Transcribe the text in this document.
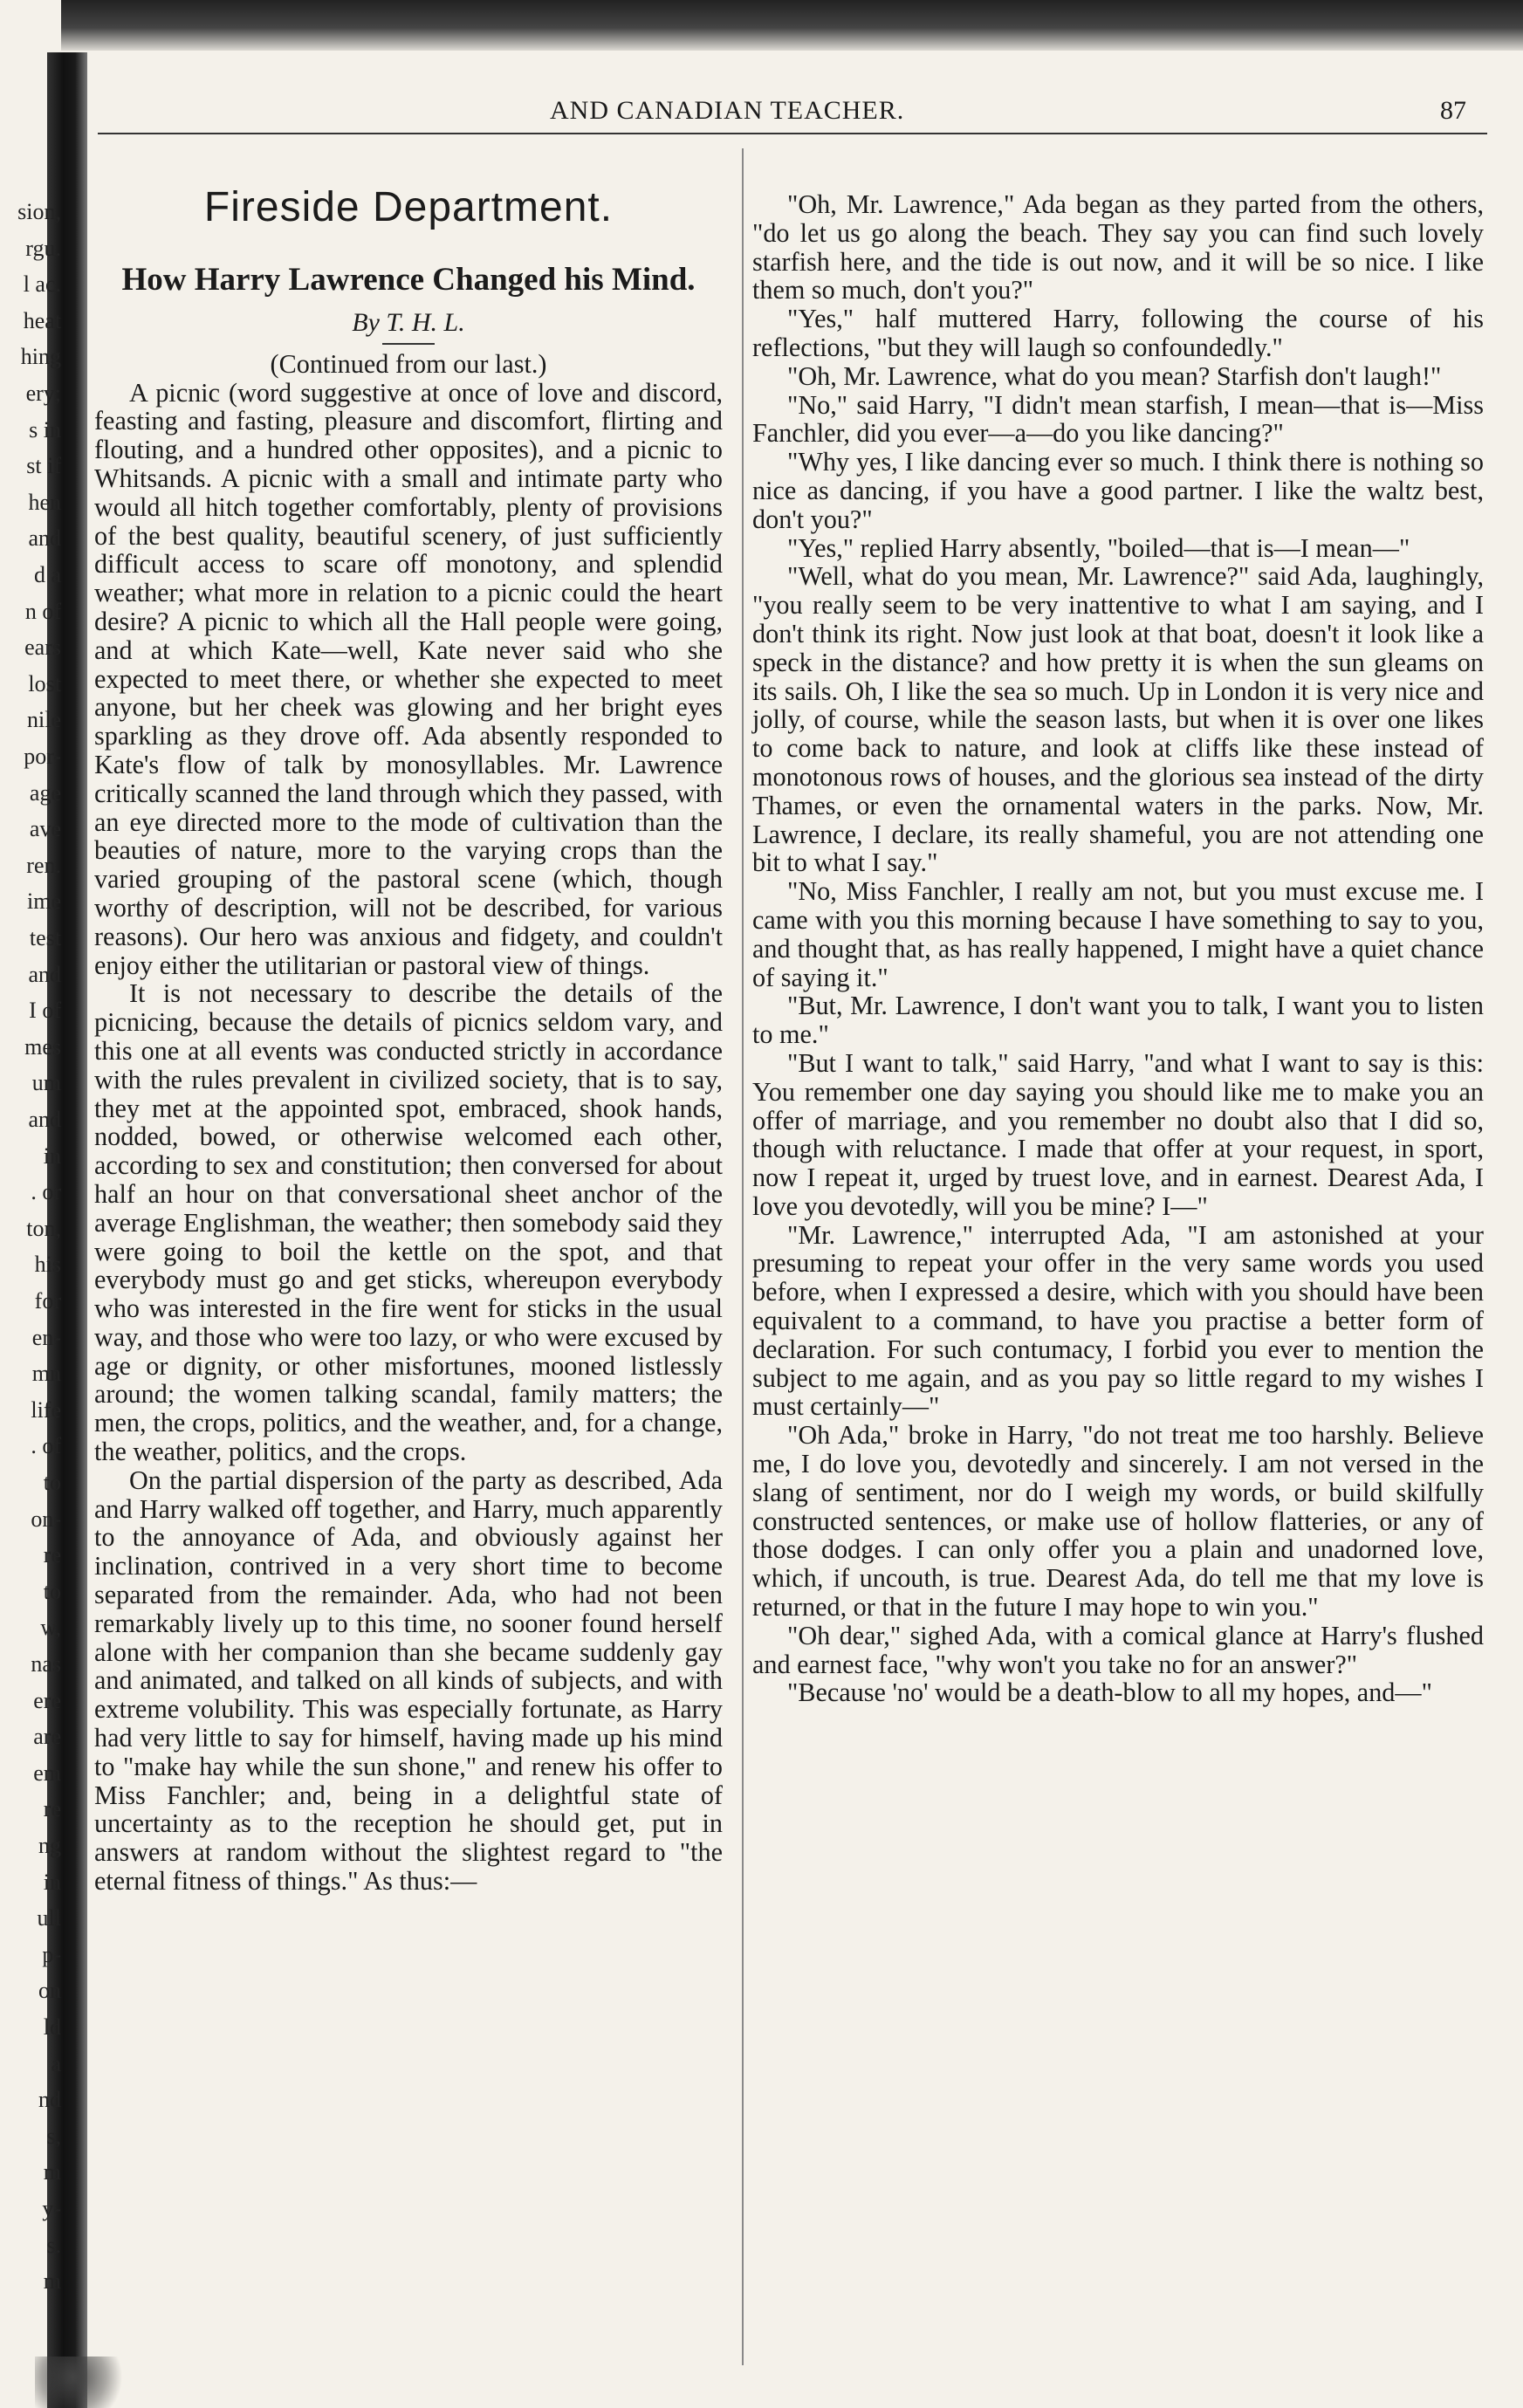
sion,
rgu.
l ac.
heat
hing
ery;
s in
st if
hen
and
d a
n of
ears
lost
nile
por-
age
ave
ren.
ime
test
and
I of
mes
um
and
in
. or
ton,
his
for
en-
mn
life
. of
to
on-
re
to
w,
nas
ere
are
em
re
ng
in
ull
p-
on
ld
a
nd
s,
m
y-
s.
m
AND CANADIAN TEACHER.	87
Fireside Department.
How Harry Lawrence Changed his Mind.

By T. H. L.

(Continued from our last.)

A picnic (word suggestive at once of love and discord, feasting and fasting, pleasure and discomfort, flirting and flouting, and a hundred other opposites), and a picnic to Whitsands. A picnic with a small and intimate party who would all hitch together comfortably, plenty of provisions of the best quality, beautiful scenery, of just sufficiently difficult access to scare off monotony, and splendid weather; what more in relation to a picnic could the heart desire? A picnic to which all the Hall people were going, and at which Kate—well, Kate never said who she expected to meet there, or whether she expected to meet anyone, but her cheek was glowing and her bright eyes sparkling as they drove off. Ada absently responded to Kate's flow of talk by monosyllables. Mr. Lawrence critically scanned the land through which they passed, with an eye directed more to the mode of cultivation than the beauties of nature, more to the varying crops than the varied grouping of the pastoral scene (which, though worthy of description, will not be described, for various reasons). Our hero was anxious and fidgety, and couldn't enjoy either the utilitarian or pastoral view of things.

It is not necessary to describe the details of the picnicing, because the details of picnics seldom vary, and this one at all events was conducted strictly in accordance with the rules prevalent in civilized society, that is to say, they met at the appointed spot, embraced, shook hands, nodded, bowed, or otherwise welcomed each other, according to sex and constitution; then conversed for about half an hour on that conversational sheet anchor of the average Englishman, the weather; then somebody said they were going to boil the kettle on the spot, and that everybody must go and get sticks, whereupon everybody who was interested in the fire went for sticks in the usual way, and those who were too lazy, or who were excused by age or dignity, or other misfortunes, mooned listlessly around; the women talking scandal, family matters; the men, the crops, politics, and the weather, and, for a change, the weather, politics, and the crops.

On the partial dispersion of the party as described, Ada and Harry walked off together, and Harry, much apparently to the annoyance of Ada, and obviously against her inclination, contrived in a very short time to become separated from the remainder. Ada, who had not been remarkably lively up to this time, no sooner found herself alone with her companion than she became suddenly gay and animated, and talked on all kinds of subjects, and with extreme volubility. This was especially fortunate, as Harry had very little to say for himself, having made up his mind to "make hay while the sun shone," and renew his offer to Miss Fanchler; and, being in a delightful state of uncertainty as to the reception he should get, put in answers at random without the slightest regard to "the eternal fitness of things." As thus:—

"Oh, Mr. Lawrence," Ada began as they parted from the others, "do let us go along the beach. They say you can find such lovely starfish here, and the tide is out now, and it will be so nice. I like them so much, don't you?"

"Yes," half muttered Harry, following the course of his reflections, "but they will laugh so confoundedly."

"Oh, Mr. Lawrence, what do you mean? Starfish don't laugh!"

"No," said Harry, "I didn't mean starfish, I mean—that is—Miss Fanchler, did you ever—a—do you like dancing?"

"Why yes, I like dancing ever so much. I think there is nothing so nice as dancing, if you have a good partner. I like the waltz best, don't you?"

"Yes," replied Harry absently, "boiled—that is—I mean—"

"Well, what do you mean, Mr. Lawrence?" said Ada, laughingly, "you really seem to be very inattentive to what I am saying, and I don't think its right. Now just look at that boat, doesn't it look like a speck in the distance? and how pretty it is when the sun gleams on its sails. Oh, I like the sea so much. Up in London it is very nice and jolly, of course, while the season lasts, but when it is over one likes to come back to nature, and look at cliffs like these instead of monotonous rows of houses, and the glorious sea instead of the dirty Thames, or even the ornamental waters in the parks. Now, Mr. Lawrence, I declare, its really shameful, you are not attending one bit to what I say."

"No, Miss Fanchler, I really am not, but you must excuse me. I came with you this morning because I have something to say to you, and thought that, as has really happened, I might have a quiet chance of saying it."

"But, Mr. Lawrence, I don't want you to talk, I want you to listen to me."

"But I want to talk," said Harry, "and what I want to say is this: You remember one day saying you should like me to make you an offer of marriage, and you remember no doubt also that I did so, though with reluctance. I made that offer at your request, in sport, now I repeat it, urged by truest love, and in earnest. Dearest Ada, I love you devotedly, will you be mine? I—"

"Mr. Lawrence," interrupted Ada, "I am astonished at your presuming to repeat your offer in the very same words you used before, when I expressed a desire, which with you should have been equivalent to a command, to have you practise a better form of declaration. For such contumacy, I forbid you ever to mention the subject to me again, and as you pay so little regard to my wishes I must certainly—"

"Oh Ada," broke in Harry, "do not treat me too harshly. Believe me, I do love you, devotedly and sincerely. I am not versed in the slang of sentiment, nor do I weigh my words, or build skilfully constructed sentences, or make use of hollow flatteries, or any of those dodges. I can only offer you a plain and unadorned love, which, if uncouth, is true. Dearest Ada, do tell me that my love is returned, or that in the future I may hope to win you."

"Oh dear," sighed Ada, with a comical glance at Harry's flushed and earnest face, "why won't you take no for an answer?"

"Because 'no' would be a death-blow to all my hopes, and—"
